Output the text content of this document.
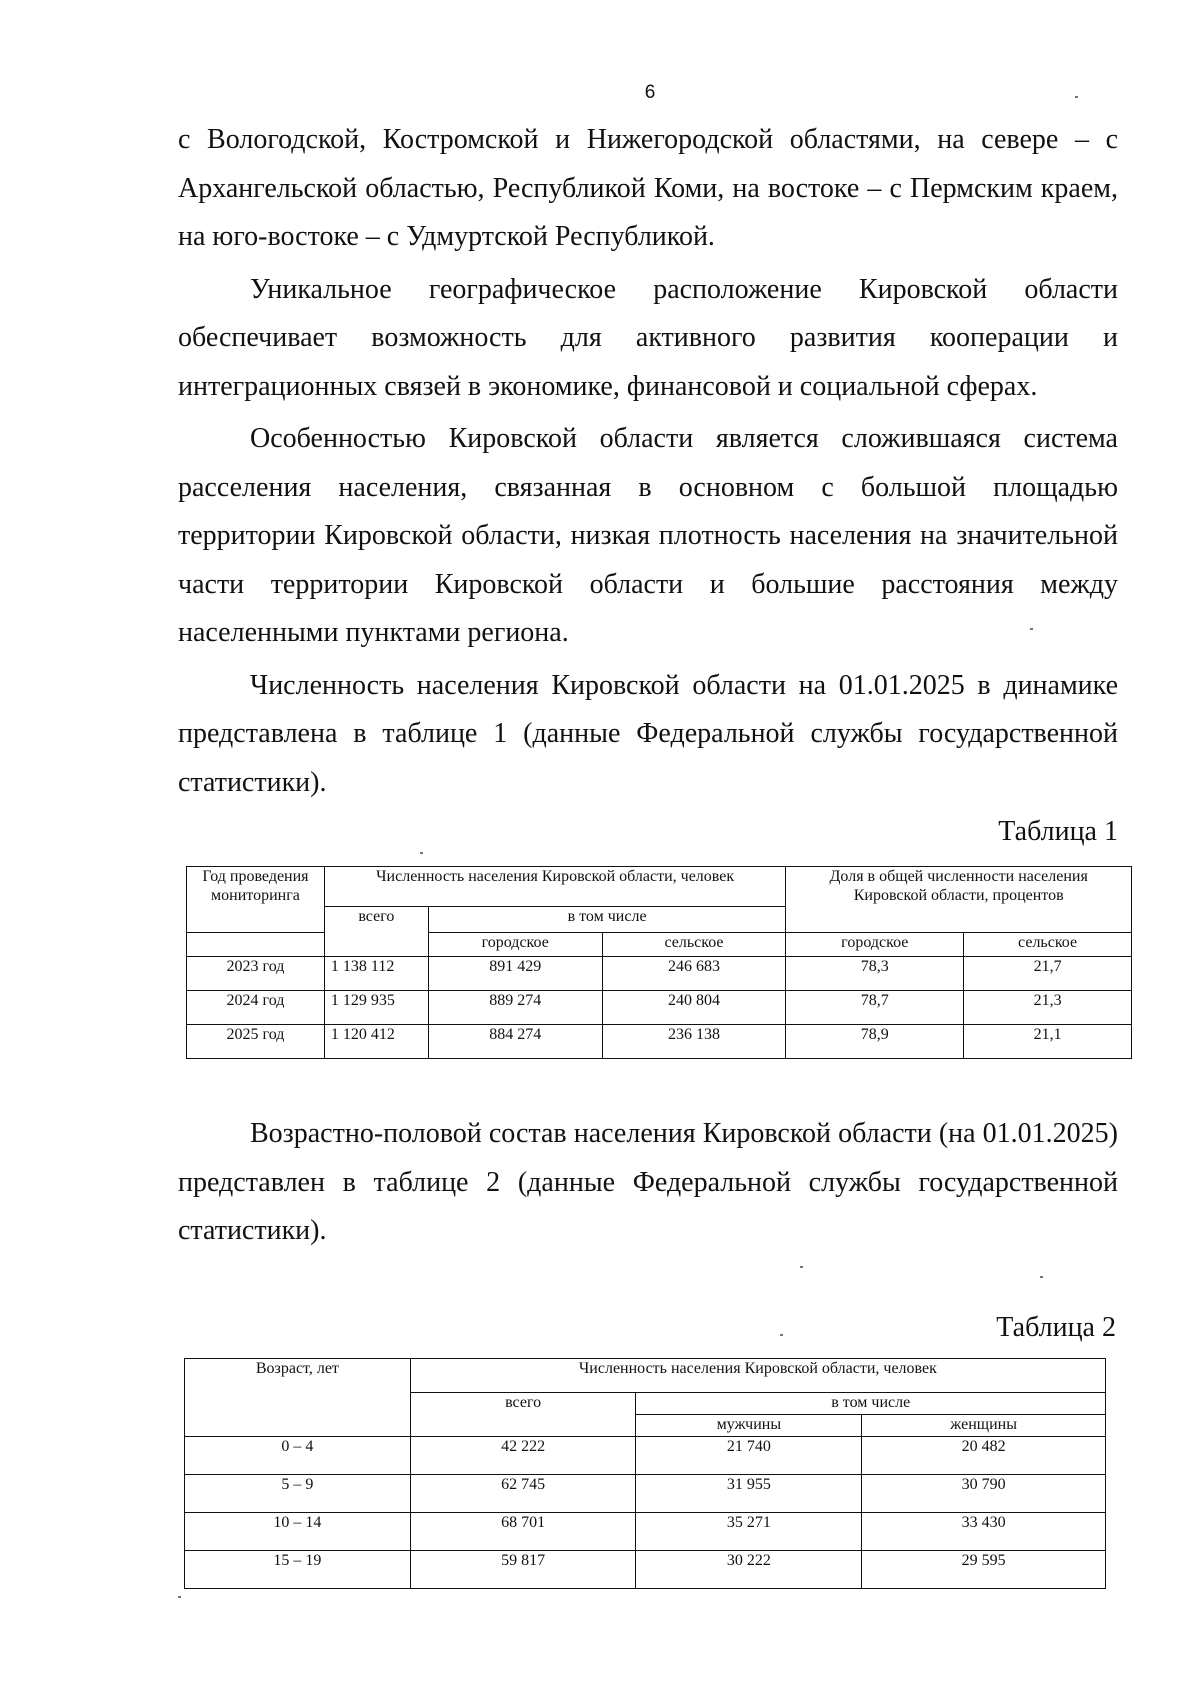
6

с Вологодской, Костромской и Нижегородской областями, на севере – с Архангельской областью, Республикой Коми, на востоке – с Пермским краем, на юго-востоке – с Удмуртской Республикой.

Уникальное географическое расположение Кировской области обеспечивает возможность для активного развития кооперации и интеграционных связей в экономике, финансовой и социальной сферах.

Особенностью Кировской области является сложившаяся система расселения населения, связанная в основном с большой площадью территории Кировской области, низкая плотность населения на значительной части территории Кировской области и большие расстояния между населенными пунктами региона.

Численность населения Кировской области на 01.01.2025 в динамике представлена в таблице 1 (данные Федеральной службы государственной статистики).

Таблица 1
Год проведения мониторинга	Численность населения Кировской области, человек			Доля в общей численности населения Кировской области, процентов	
	всего	в том числе			
		городское	сельское	городское	сельское
2023 год	1 138 112	891 429	246 683	78,3	21,7
2024 год	1 129 935	889 274	240 804	78,7	21,3
2025 год	1 120 412	884 274	236 138	78,9	21,1

Возрастно-половой состав населения Кировской области (на 01.01.2025) представлен в таблице 2 (данные Федеральной службы государственной статистики).

Таблица 2
Возраст, лет	Численность населения Кировской области, человек		
	всего	в том числе	
		мужчины	женщины
0 – 4	42 222	21 740	20 482
5 – 9	62 745	31 955	30 790
10 – 14	68 701	35 271	33 430
15 – 19	59 817	30 222	29 595
